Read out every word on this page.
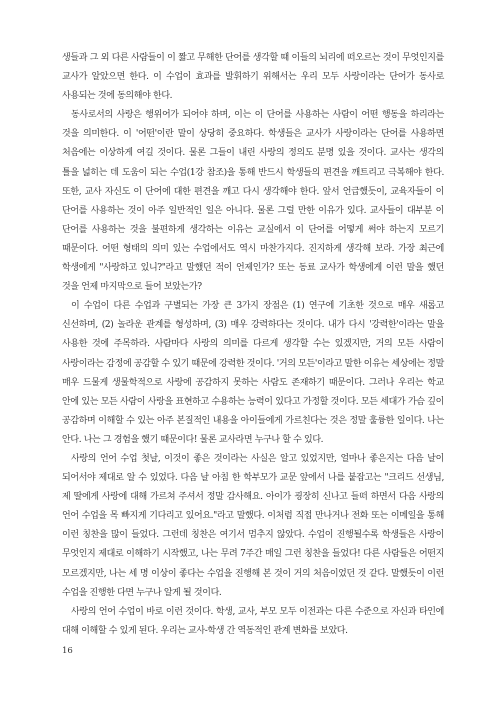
생들과 그 외 다른 사람들이 이 짧고 무해한 단어를 생각할 때 이들의 뇌리에 떠오르는 것이 무엇인지를 교사가 알았으면 한다. 이 수업이 효과를 발휘하기 위해서는 우리 모두 사랑이라는 단어가 동사로 사용되는 것에 동의해야 한다.

동사로서의 사랑은 행위어가 되어야 하며, 이는 이 단어를 사용하는 사람이 어떤 행동을 하리라는 것을 의미한다. 이 '어떤'이란 말이 상당히 중요하다. 학생들은 교사가 사랑이라는 단어를 사용하면 처음에는 이상하게 여길 것이다. 물론 그들이 내린 사랑의 정의도 분명 있을 것이다. 교사는 생각의 틀을 넓히는 데 도움이 되는 수업(1강 참조)을 통해 반드시 학생들의 편견을 깨트리고 극복해야 한다. 또한, 교사 자신도 이 단어에 대한 편견을 깨고 다시 생각해야 한다. 앞서 언급했듯이, 교육자들이 이 단어를 사용하는 것이 아주 일반적인 일은 아니다. 물론 그럴 만한 이유가 있다. 교사들이 대부분 이 단어를 사용하는 것을 불편하게 생각하는 이유는 교실에서 이 단어를 어떻게 써야 하는지 모르기 때문이다. 어떤 형태의 의미 있는 수업에서도 역시 마찬가지다. 진지하게 생각해 보라. 가장 최근에 학생에게 "사랑하고 있니?"라고 말했던 적이 언제인가? 또는 동료 교사가 학생에게 이런 말을 했던 것을 언제 마지막으로 들어 보았는가?

이 수업이 다른 수업과 구별되는 가장 큰 3가지 장점은 (1) 연구에 기초한 것으로 매우 새롭고 신선하며, (2) 놀라운 관계를 형성하며, (3) 매우 강력하다는 것이다. 내가 다시 '강력한'이라는 말을 사용한 것에 주목하라. 사람마다 사랑의 의미를 다르게 생각할 수는 있겠지만, 거의 모든 사람이 사랑이라는 감정에 공감할 수 있기 때문에 강력한 것이다. '거의 모든'이라고 말한 이유는 세상에는 정말 매우 드물게 생물학적으로 사랑에 공감하지 못하는 사람도 존재하기 때문이다. 그러나 우리는 학교 안에 있는 모든 사람이 사랑을 표현하고 수용하는 능력이 있다고 가정할 것이다. 모든 세대가 가슴 깊이 공감하며 이해할 수 있는 아주 본질적인 내용을 아이들에게 가르친다는 것은 정말 훌륭한 일이다. 나는 안다. 나는 그 경험을 했기 때문이다! 물론 교사라면 누구나 할 수 있다.

사랑의 언어 수업 첫날, 이것이 좋은 것이라는 사실은 알고 있었지만, 얼마나 좋은지는 다음 날이 되어서야 제대로 알 수 있었다. 다음 날 아침 한 학부모가 교문 앞에서 나를 붙잡고는 "크리드 선생님, 제 딸에게 사랑에 대해 가르쳐 주셔서 정말 감사해요. 아이가 굉장히 신나고 들떠 하면서 다음 사랑의 언어 수업을 목 빠지게 기다리고 있어요."라고 말했다. 이처럼 직접 만나거나 전화 또는 이메일을 통해 이런 칭찬을 많이 들었다. 그런데 칭찬은 여기서 멈추지 않았다. 수업이 진행될수록 학생들은 사랑이 무엇인지 제대로 이해하기 시작했고, 나는 무려 7주간 매일 그런 칭찬을 들었다! 다른 사람들은 어떤지 모르겠지만, 나는 세 명 이상이 좋다는 수업을 진행해 본 것이 거의 처음이었던 것 같다. 말했듯이 이런 수업을 진행한 다면 누구나 알게 될 것이다.

사랑의 언어 수업이 바로 이런 것이다. 학생, 교사, 부모 모두 이전과는 다른 수준으로 자신과 타인에 대해 이해할 수 있게 된다. 우리는 교사-학생 간 역동적인 관계 변화를 보았다.

16
